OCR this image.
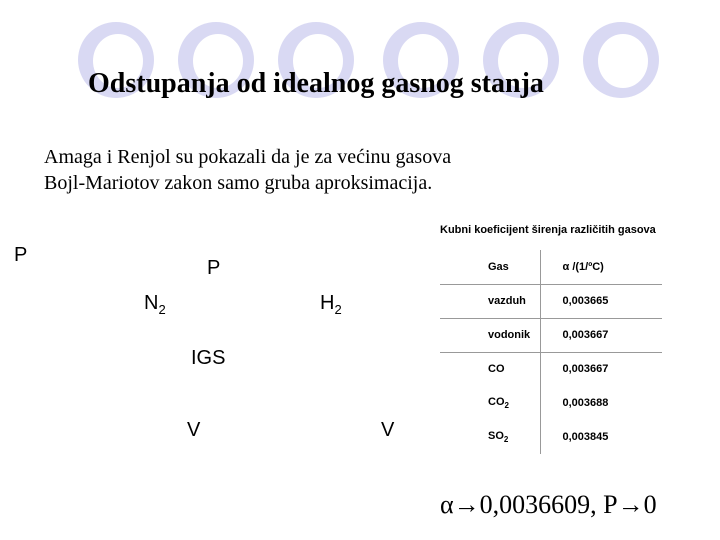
Odstupanja od idealnog gasnog stanja
Amaga i Renjol su pokazali da je za većinu gasova
Bojl-Mariotov zakon samo gruba aproksimacija.
P
P
$N_2$	$H_2$
IGS
V	V
Kubni koeficijent širenja različitih gasova
Gas	α /(1/ºC)
vazduh	0,003665
vodonik	0,003667
CO	0,003667
$CO_2$	0,003688
$SO_2$	0,003845
α→0,0036609, P→0
